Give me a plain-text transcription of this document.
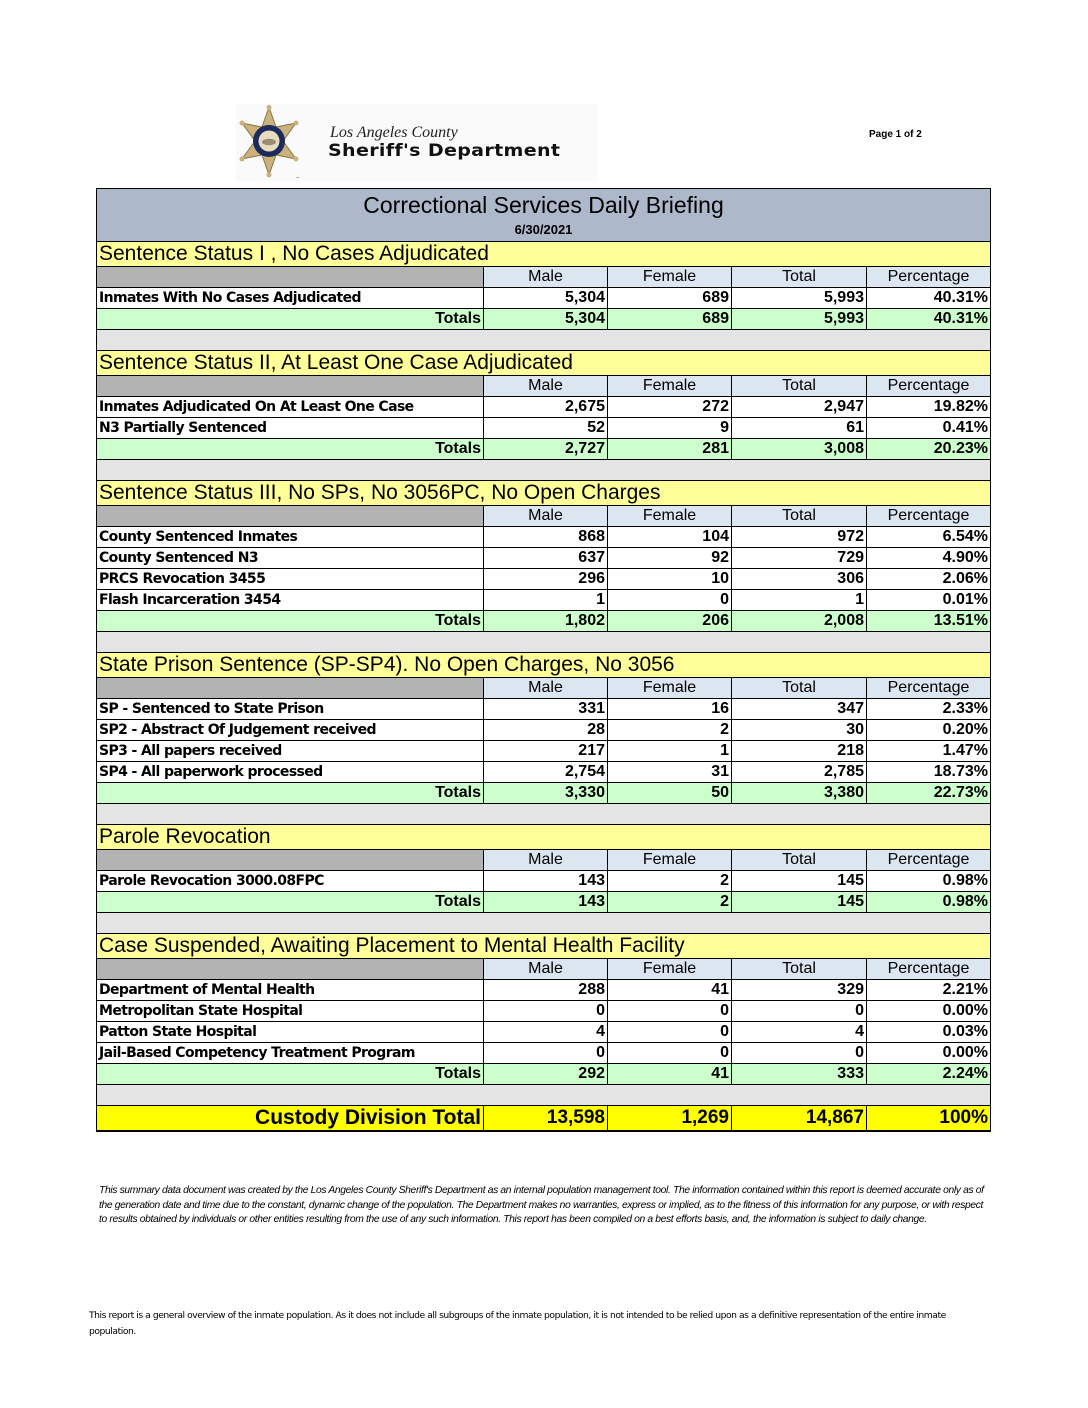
™
Los Angeles County
Sheriff's Department
Page 1 of 2
Correctional Services Daily Briefing				
6/30/2021				
Sentence Status I , No Cases Adjudicated				
	Male	Female	Total	Percentage
Inmates With No Cases Adjudicated	5,304	689	5,993	40.31%
Totals	5,304	689	5,993	40.31%

Sentence Status II, At Least One Case Adjudicated				
	Male	Female	Total	Percentage
Inmates Adjudicated On At Least One Case	2,675	272	2,947	19.82%
N3 Partially Sentenced	52	9	61	0.41%
Totals	2,727	281	3,008	20.23%

Sentence Status III, No SPs, No 3056PC, No Open Charges				
	Male	Female	Total	Percentage
County Sentenced Inmates	868	104	972	6.54%
County Sentenced N3	637	92	729	4.90%
PRCS Revocation 3455	296	10	306	2.06%
Flash Incarceration 3454	1	0	1	0.01%
Totals	1,802	206	2,008	13.51%

State Prison Sentence (SP-SP4). No Open Charges, No 3056				
	Male	Female	Total	Percentage
SP - Sentenced to State Prison	331	16	347	2.33%
SP2 - Abstract Of Judgement received	28	2	30	0.20%
SP3 - All papers received	217	1	218	1.47%
SP4 - All paperwork processed	2,754	31	2,785	18.73%
Totals	3,330	50	3,380	22.73%

Parole Revocation				
	Male	Female	Total	Percentage
Parole Revocation 3000.08FPC	143	2	145	0.98%
Totals	143	2	145	0.98%

Case Suspended, Awaiting Placement to Mental Health Facility				
	Male	Female	Total	Percentage
Department of Mental Health	288	41	329	2.21%
Metropolitan State Hospital	0	0	0	0.00%
Patton State Hospital	4	0	4	0.03%
Jail-Based Competency Treatment Program	0	0	0	0.00%
Totals	292	41	333	2.24%

Custody Division Total	13,598	1,269	14,867	100%
This summary data document was created by the Los Angeles County Sheriff's Department as an internal population management tool. The information contained within this report is deemed accurate only as of the generation date and time due to the constant, dynamic change of the population. The Department makes no warranties, express or implied, as to the fitness of this information for any purpose, or with respect to results obtained by individuals or other entities resulting from the use of any such information. This report has been compiled on a best efforts basis, and, the information is subject to daily change.
This report is a general overview of the inmate population. As it does not include all subgroups of the inmate population, it is not intended to be relied upon as a definitive representation of the entire inmate population.
